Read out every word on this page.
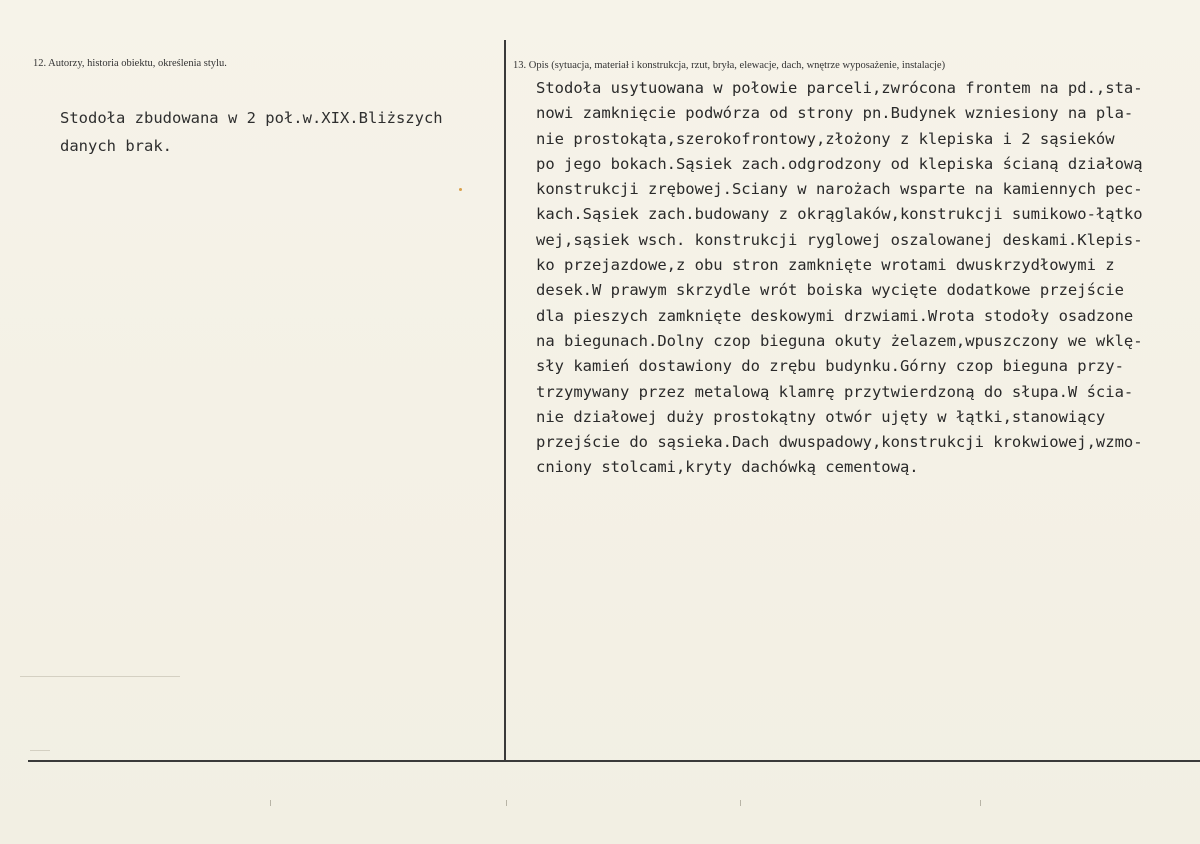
12. Autorzy, historia obiektu, określenia stylu.
Stodoła zbudowana w 2 poł.w.XIX.Bliższych
danych brak.
13. Opis (sytuacja, materiał i konstrukcja, rzut, bryła, elewacje, dach, wnętrze wyposażenie, instalacje)
Stodoła usytuowana w połowie parceli,zwrócona frontem na pd.,sta-
nowi zamknięcie podwórza od strony pn.Budynek wzniesiony na pla-
nie prostokąta,szerokofrontowy,złożony z klepiska i 2 sąsieków
po jego bokach.Sąsiek zach.odgrodzony od klepiska ścianą działową
konstrukcji zrębowej.Sciany w narożach wsparte na kamiennych pec-
kach.Sąsiek zach.budowany z okrąglaków,konstrukcji sumikowo-łątko
wej,sąsiek wsch. konstrukcji ryglowej oszalowanej deskami.Klepis-
ko przejazdowe,z obu stron zamknięte wrotami dwuskrzydłowymi z
desek.W prawym skrzydle wrót boiska wycięte dodatkowe przejście
dla pieszych zamknięte deskowymi drzwiami.Wrota stodoły osadzone
na biegunach.Dolny czop bieguna okuty żelazem,wpuszczony we wklę-
sły kamień dostawiony do zrębu budynku.Górny czop bieguna przy-
trzymywany przez metalową klamrę przytwierdzoną do słupa.W ścia-
nie działowej duży prostokątny otwór ujęty w łątki,stanowiący
przejście do sąsieka.Dach dwuspadowy,konstrukcji krokwiowej,wzmo-
cniony stolcami,kryty dachówką cementową.
